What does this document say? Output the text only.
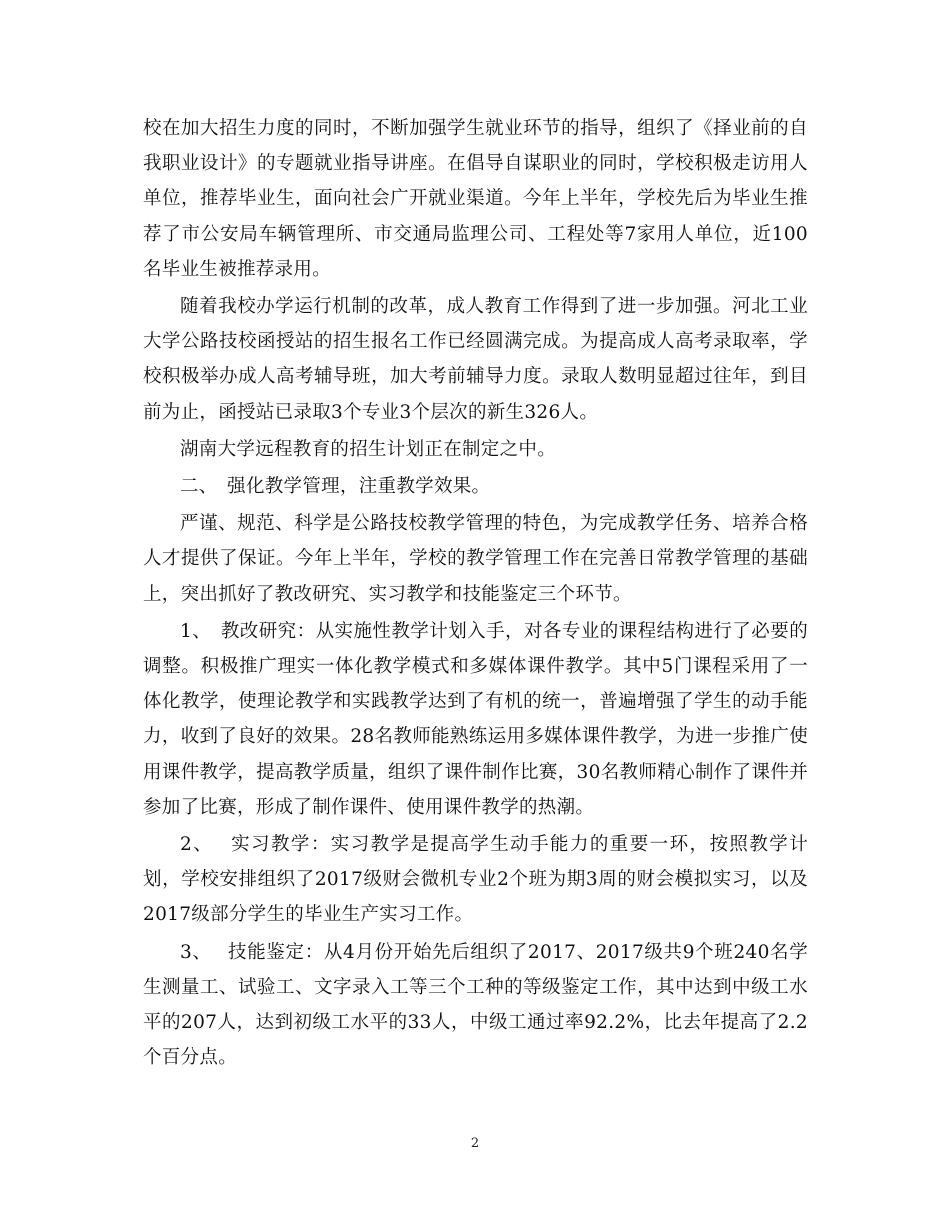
校在加大招生力度的同时，不断加强学生就业环节的指导，组织了《择业前的自我职业设计》的专题就业指导讲座。在倡导自谋职业的同时，学校积极走访用人单位，推荐毕业生，面向社会广开就业渠道。今年上半年，学校先后为毕业生推荐了市公安局车辆管理所、市交通局监理公司、工程处等7家用人单位，近100名毕业生被推荐录用。

随着我校办学运行机制的改革，成人教育工作得到了进一步加强。河北工业大学公路技校函授站的招生报名工作已经圆满完成。为提高成人高考录取率，学校积极举办成人高考辅导班，加大考前辅导力度。录取人数明显超过往年，到目前为止，函授站已录取3个专业3个层次的新生326人。

湖南大学远程教育的招生计划正在制定之中。

二、　强化教学管理，注重教学效果。

严谨、规范、科学是公路技校教学管理的特色，为完成教学任务、培养合格人才提供了保证。今年上半年，学校的教学管理工作在完善日常教学管理的基础上，突出抓好了教改研究、实习教学和技能鉴定三个环节。

1、　教改研究：从实施性教学计划入手，对各专业的课程结构进行了必要的调整。积极推广理实一体化教学模式和多媒体课件教学。其中5门课程采用了一体化教学，使理论教学和实践教学达到了有机的统一，普遍增强了学生的动手能力，收到了良好的效果。28名教师能熟练运用多媒体课件教学，为进一步推广使用课件教学，提高教学质量，组织了课件制作比赛，30名教师精心制作了课件并参加了比赛，形成了制作课件、使用课件教学的热潮。

2、　 实习教学：实习教学是提高学生动手能力的重要一环，按照教学计划，学校安排组织了2017级财会微机专业2个班为期3周的财会模拟实习，以及2017级部分学生的毕业生产实习工作。

3、　 技能鉴定：从4月份开始先后组织了2017、2017级共9个班240名学生测量工、试验工、文字录入工等三个工种的等级鉴定工作，其中达到中级工水平的207人，达到初级工水平的33人，中级工通过率92.2%，比去年提高了2.2个百分点。

2
